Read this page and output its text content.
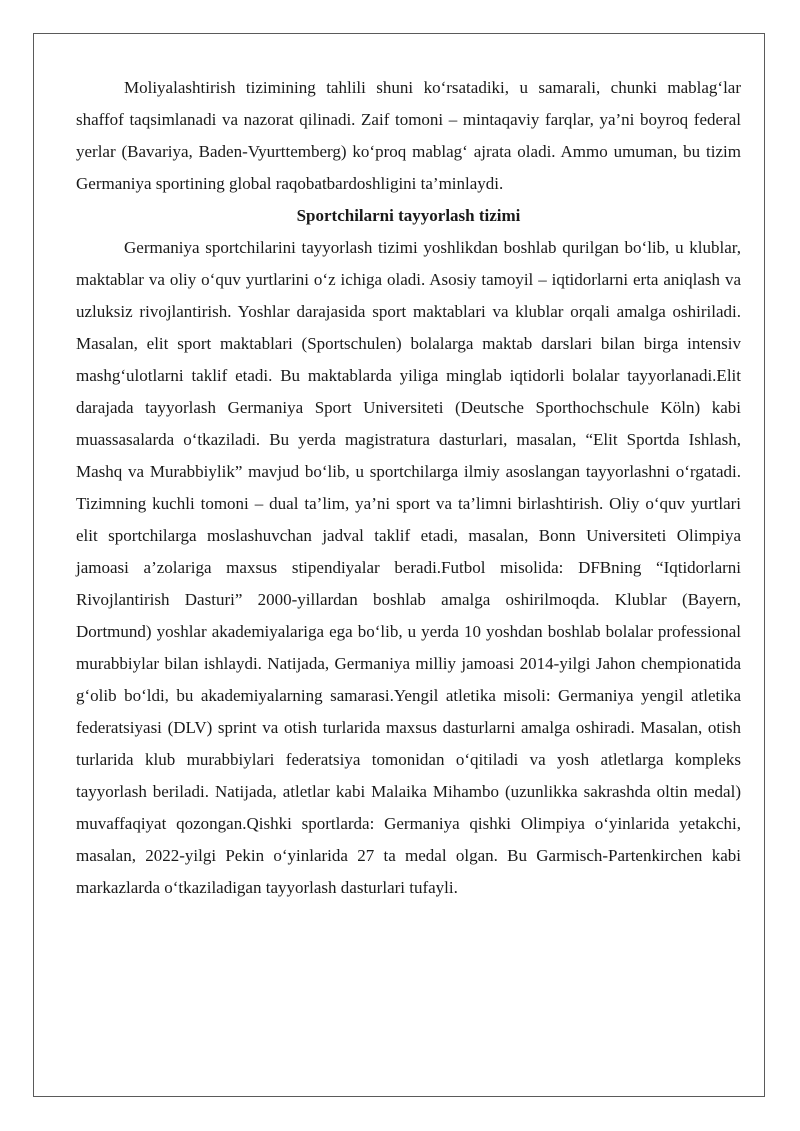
Moliyalashtirish tizimining tahlili shuni ko‘rsatadiki, u samarali, chunki mablag‘lar shaffof taqsimlanadi va nazorat qilinadi. Zaif tomoni – mintaqaviy farqlar, ya’ni boyroq federal yerlar (Bavariya, Baden-Vyurttemberg) ko‘proq mablag‘ ajrata oladi. Ammo umuman, bu tizim Germaniya sportining global raqobatbardoshligini ta’minlaydi.

Sportchilarni tayyorlash tizimi

Germaniya sportchilarini tayyorlash tizimi yoshlikdan boshlab qurilgan bo‘lib, u klublar, maktablar va oliy o‘quv yurtlarini o‘z ichiga oladi. Asosiy tamoyil – iqtidorlarni erta aniqlash va uzluksiz rivojlantirish. Yoshlar darajasida sport maktablari va klublar orqali amalga oshiriladi. Masalan, elit sport maktablari (Sportschulen) bolalarga maktab darslari bilan birga intensiv mashg‘ulotlarni taklif etadi. Bu maktablarda yiliga minglab iqtidorli bolalar tayyorlanadi.Elit darajada tayyorlash Germaniya Sport Universiteti (Deutsche Sporthochschule Köln) kabi muassasalarda o‘tkaziladi. Bu yerda magistratura dasturlari, masalan, “Elit Sportda Ishlash, Mashq va Murabbiylik” mavjud bo‘lib, u sportchilarga ilmiy asoslangan tayyorlashni o‘rgatadi. Tizimning kuchli tomoni – dual ta’lim, ya’ni sport va ta’limni birlashtirish. Oliy o‘quv yurtlari elit sportchilarga moslashuvchan jadval taklif etadi, masalan, Bonn Universiteti Olimpiya jamoasi a’zolariga maxsus stipendiyalar beradi.Futbol misolida: DFBning “Iqtidorlarni Rivojlantirish Dasturi” 2000-yillardan boshlab amalga oshirilmoqda. Klublar (Bayern, Dortmund) yoshlar akademiyalariga ega bo‘lib, u yerda 10 yoshdan boshlab bolalar professional murabbiylar bilan ishlaydi. Natijada, Germaniya milliy jamoasi 2014-yilgi Jahon chempionatida g‘olib bo‘ldi, bu akademiyalarning samarasi.Yengil atletika misoli: Germaniya yengil atletika federatsiyasi (DLV) sprint va otish turlarida maxsus dasturlarni amalga oshiradi. Masalan, otish turlarida klub murabbiylari federatsiya tomonidan o‘qitiladi va yosh atletlarga kompleks tayyorlash beriladi. Natijada, atletlar kabi Malaika Mihambo (uzunlikka sakrashda oltin medal) muvaffaqiyat qozongan.Qishki sportlarda: Germaniya qishki Olimpiya o‘yinlarida yetakchi, masalan, 2022-yilgi Pekin o‘yinlarida 27 ta medal olgan. Bu Garmisch-Partenkirchen kabi markazlarda o‘tkaziladigan tayyorlash dasturlari tufayli.
